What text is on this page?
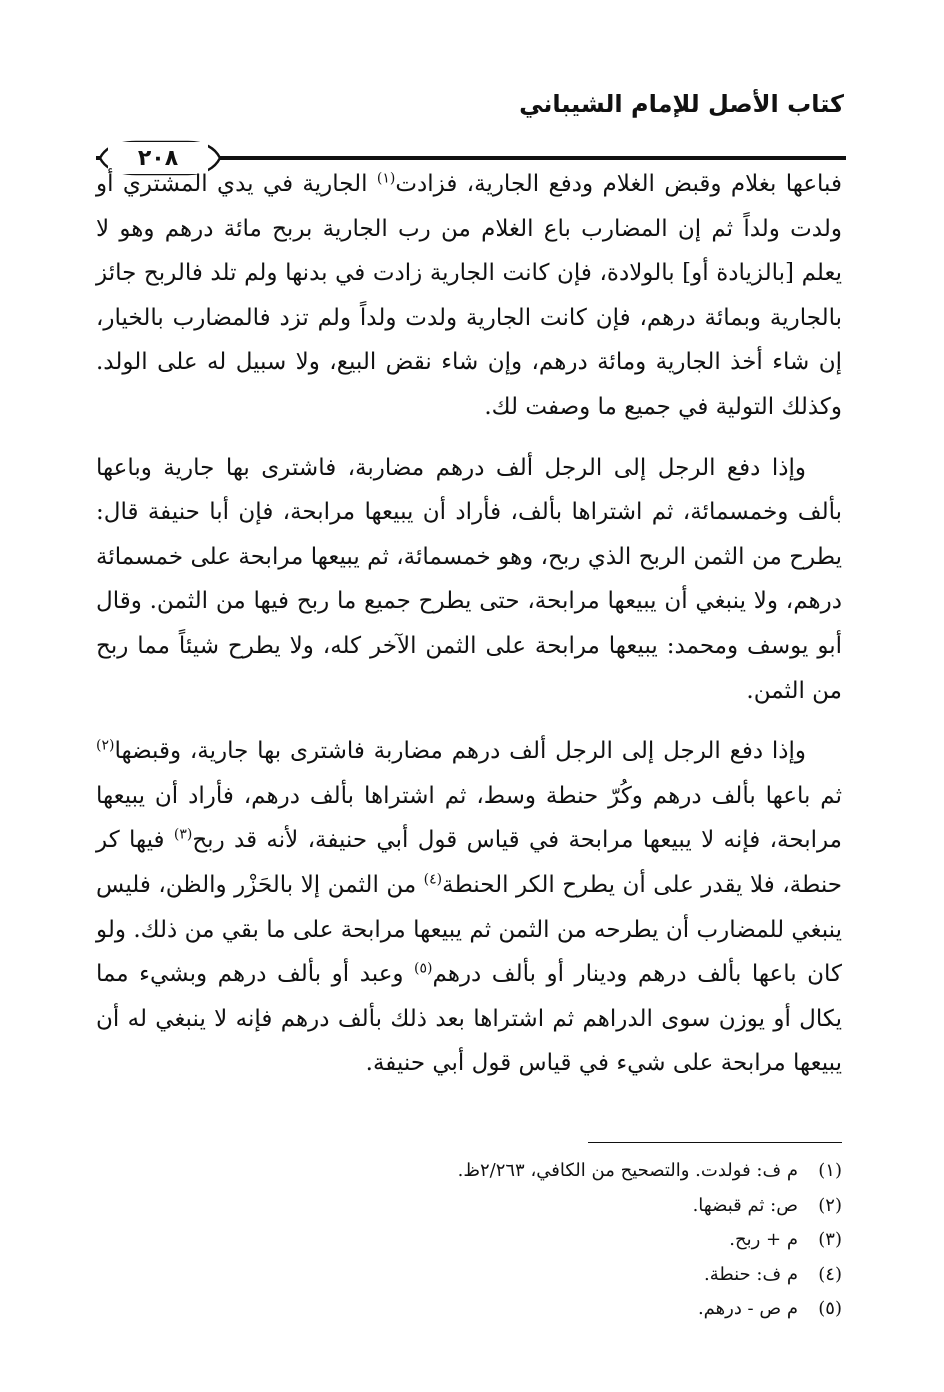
كتاب الأصل للإمام الشيباني
٢٠٨

فباعها بغلام وقبض الغلام ودفع الجارية، فزادت$^{(١)}$ الجارية في يدي المشتري أو ولدت ولداً ثم إن المضارب باع الغلام من رب الجارية بربح مائة درهم وهو لا يعلم [بالزيادة أو] بالولادة، فإن كانت الجارية زادت في بدنها ولم تلد فالربح جائز بالجارية وبمائة درهم، فإن كانت الجارية ولدت ولداً ولم تزد فالمضارب بالخيار، إن شاء أخذ الجارية ومائة درهم، وإن شاء نقض البيع، ولا سبيل له على الولد. وكذلك التولية في جميع ما وصفت لك.

وإذا دفع الرجل إلى الرجل ألف درهم مضاربة، فاشترى بها جارية وباعها بألف وخمسمائة، ثم اشتراها بألف، فأراد أن يبيعها مرابحة، فإن أبا حنيفة قال: يطرح من الثمن الربح الذي ربح، وهو خمسمائة، ثم يبيعها مرابحة على خمسمائة درهم، ولا ينبغي أن يبيعها مرابحة، حتى يطرح جميع ما ربح فيها من الثمن. وقال أبو يوسف ومحمد: يبيعها مرابحة على الثمن الآخر كله، ولا يطرح شيئاً مما ربح من الثمن.

وإذا دفع الرجل إلى الرجل ألف درهم مضاربة فاشترى بها جارية، وقبضها$^{(٢)}$ ثم باعها بألف درهم وكُرّ حنطة وسط، ثم اشتراها بألف درهم، فأراد أن يبيعها مرابحة، فإنه لا يبيعها مرابحة في قياس قول أبي حنيفة، لأنه قد ربح$^{(٣)}$ فيها كر حنطة، فلا يقدر على أن يطرح الكر الحنطة$^{(٤)}$ من الثمن إلا بالحَزْر والظن، فليس ينبغي للمضارب أن يطرحه من الثمن ثم يبيعها مرابحة على ما بقي من ذلك. ولو كان باعها بألف درهم ودينار أو بألف درهم$^{(٥)}$ وعبد أو بألف درهم وبشيء مما يكال أو يوزن سوى الدراهم ثم اشتراها بعد ذلك بألف درهم فإنه لا ينبغي له أن يبيعها مرابحة على شيء في قياس قول أبي حنيفة.

(١)م ف: فولدت. والتصحيح من الكافي، ٢/٢٦٣ظ.
(٢)ص: ثم قبضها.
(٣)م + ربح.
(٤)م ف: حنطة.
(٥)م ص - درهم.
